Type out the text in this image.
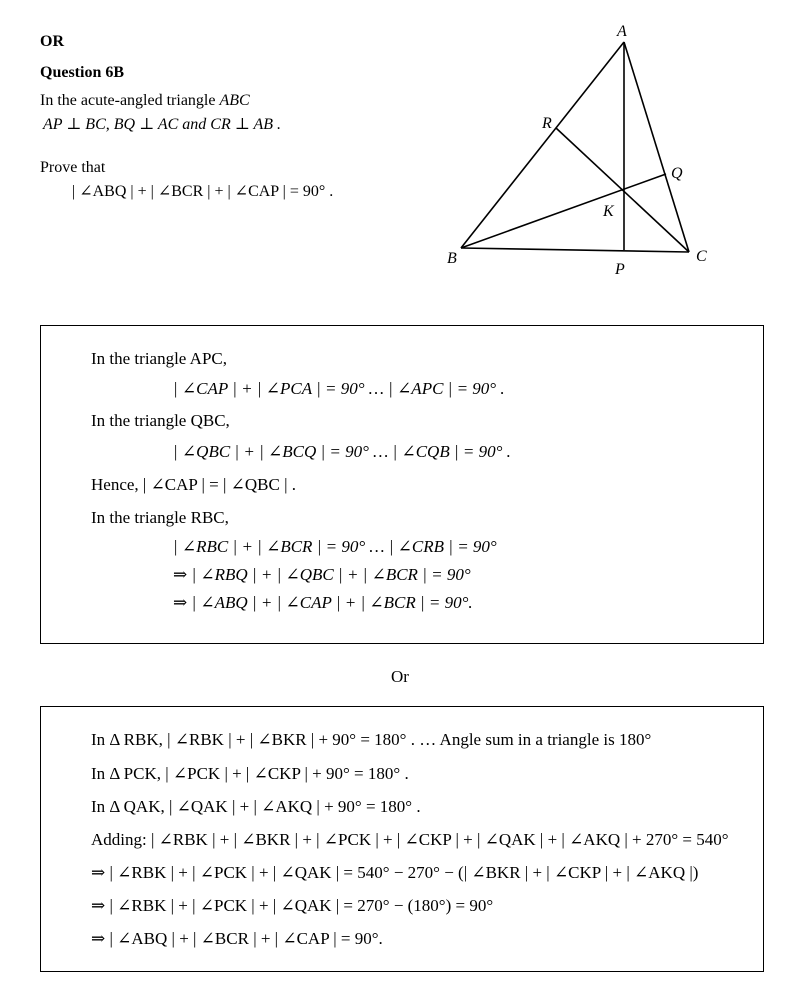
OR
Question 6B
In the acute-angled triangle ABC
AP ⊥ BC, BQ ⊥ AC and CR ⊥ AB .
Prove that
| ∠ABQ | + | ∠BCR | + | ∠CAP | = 90° .
A
R
Q
K
B
P
C
In the triangle APC,
| ∠CAP | + | ∠PCA | = 90° … | ∠APC | = 90° .
In the triangle QBC,
| ∠QBC | + | ∠BCQ | = 90° … | ∠CQB | = 90° .
Hence, | ∠CAP | = | ∠QBC | .
In the triangle RBC,
| ∠RBC | + | ∠BCR | = 90° … | ∠CRB | = 90°
⇒ | ∠RBQ | + | ∠QBC | + | ∠BCR | = 90°
⇒ | ∠ABQ | + | ∠CAP | + | ∠BCR | = 90°.
Or
In Δ RBK, | ∠RBK | + | ∠BKR | + 90° = 180° . … Angle sum in a triangle is 180°
In Δ PCK, | ∠PCK | + | ∠CKP | + 90° = 180° .
In Δ QAK, | ∠QAK | + | ∠AKQ | + 90° = 180° .
Adding: | ∠RBK | + | ∠BKR | + | ∠PCK | + | ∠CKP | + | ∠QAK | + | ∠AKQ | + 270° = 540°
⇒ | ∠RBK | + | ∠PCK | + | ∠QAK | = 540° − 270° − (| ∠BKR | + | ∠CKP | + | ∠AKQ |)
⇒ | ∠RBK | + | ∠PCK | + | ∠QAK | = 270° − (180°) = 90°
⇒ | ∠ABQ | + | ∠BCR | + | ∠CAP | = 90°.
